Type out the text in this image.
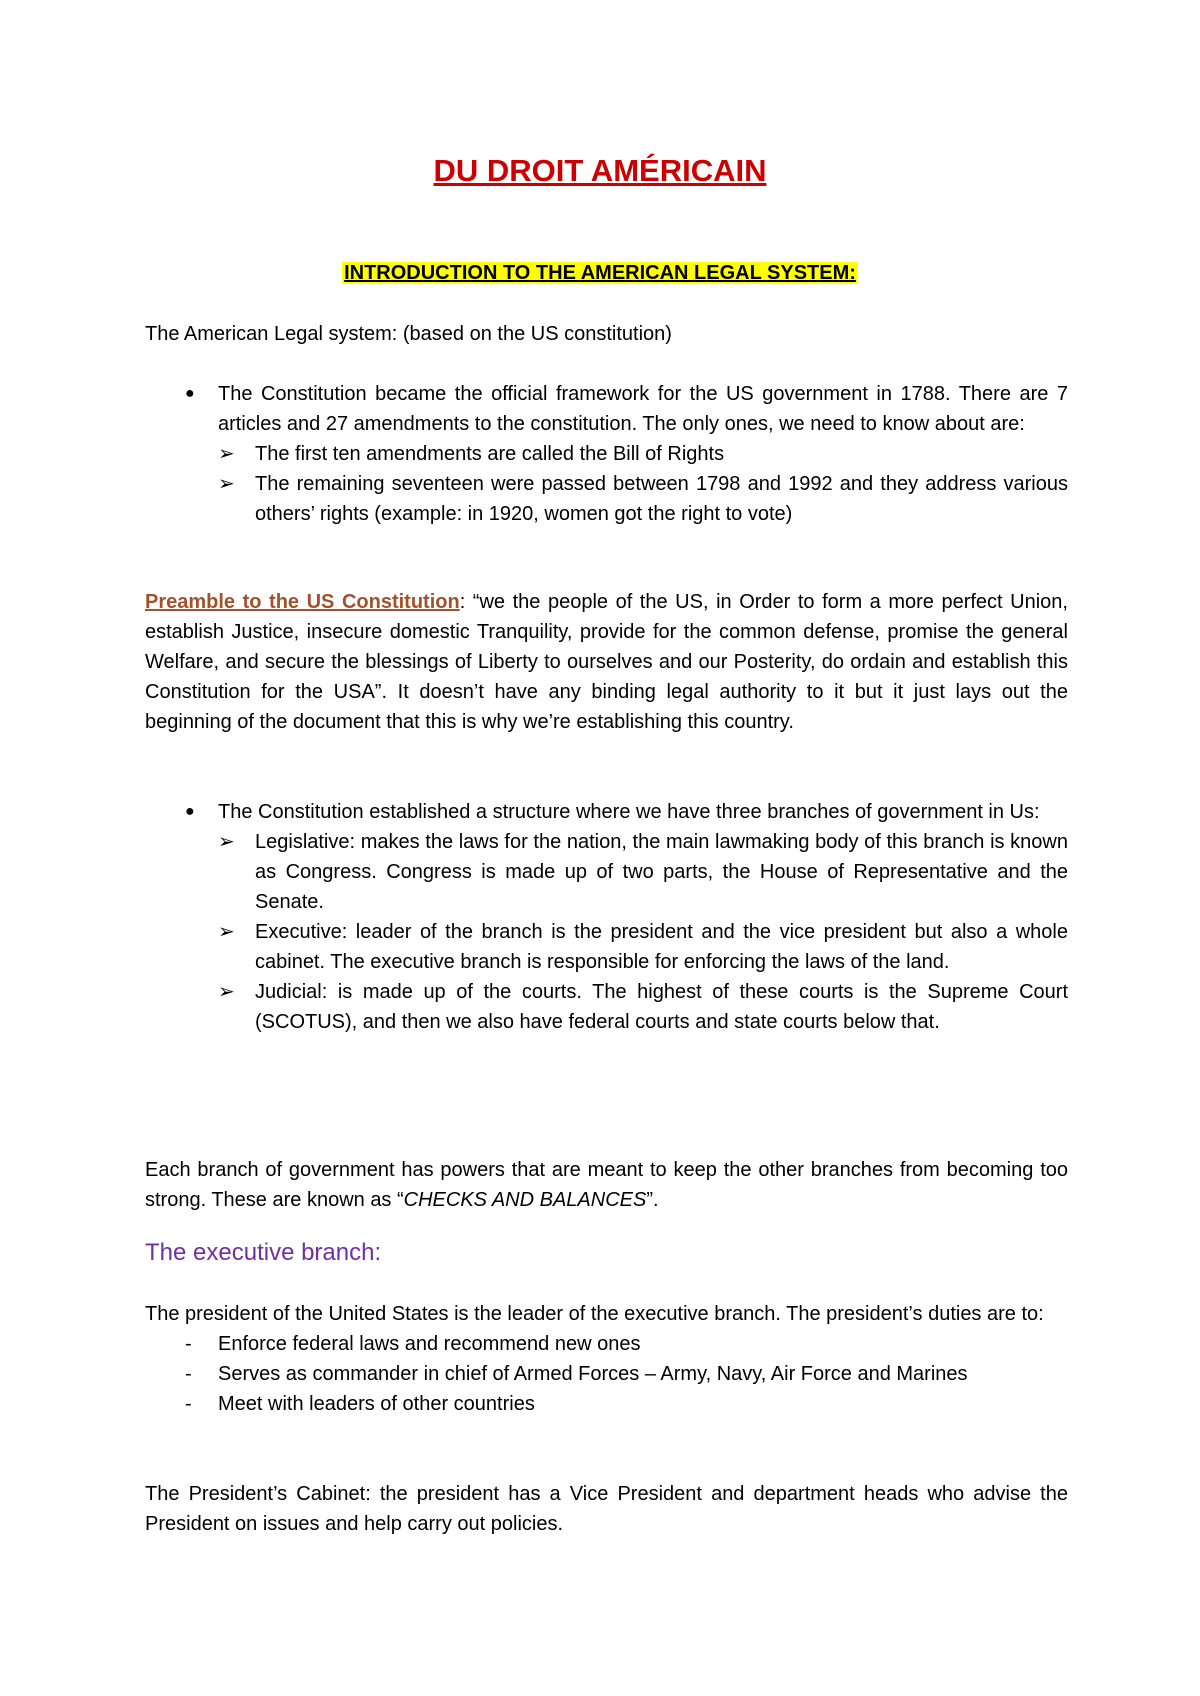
DU DROIT AMÉRICAIN
INTRODUCTION TO THE AMERICAN LEGAL SYSTEM:

The American Legal system: (based on the US constitution)

● The Constitution became the official framework for the US government in 1788. There are 7 articles and 27 amendments to the constitution. The only ones, we need to know about are:
➢ The first ten amendments are called the Bill of Rights
➢ The remaining seventeen were passed between 1798 and 1992 and they address various others’ rights (example: in 1920, women got the right to vote)

Preamble to the US Constitution: “we the people of the US, in Order to form a more perfect Union, establish Justice, insecure domestic Tranquility, provide for the common defense, promise the general Welfare, and secure the blessings of Liberty to ourselves and our Posterity, do ordain and establish this Constitution for the USA”. It doesn’t have any binding legal authority to it but it just lays out the beginning of the document that this is why we’re establishing this country.

● The Constitution established a structure where we have three branches of government in Us:
➢ Legislative: makes the laws for the nation, the main lawmaking body of this branch is known as Congress. Congress is made up of two parts, the House of Representative and the Senate.
➢ Executive: leader of the branch is the president and the vice president but also a whole cabinet. The executive branch is responsible for enforcing the laws of the land.
➢ Judicial: is made up of the courts. The highest of these courts is the Supreme Court (SCOTUS), and then we also have federal courts and state courts below that.

Each branch of government has powers that are meant to keep the other branches from becoming too strong. These are known as “CHECKS AND BALANCES”.

The executive branch:

The president of the United States is the leader of the executive branch. The president’s duties are to:

- Enforce federal laws and recommend new ones
- Serves as commander in chief of Armed Forces – Army, Navy, Air Force and Marines
- Meet with leaders of other countries

The President’s Cabinet: the president has a Vice President and department heads who advise the President on issues and help carry out policies.
